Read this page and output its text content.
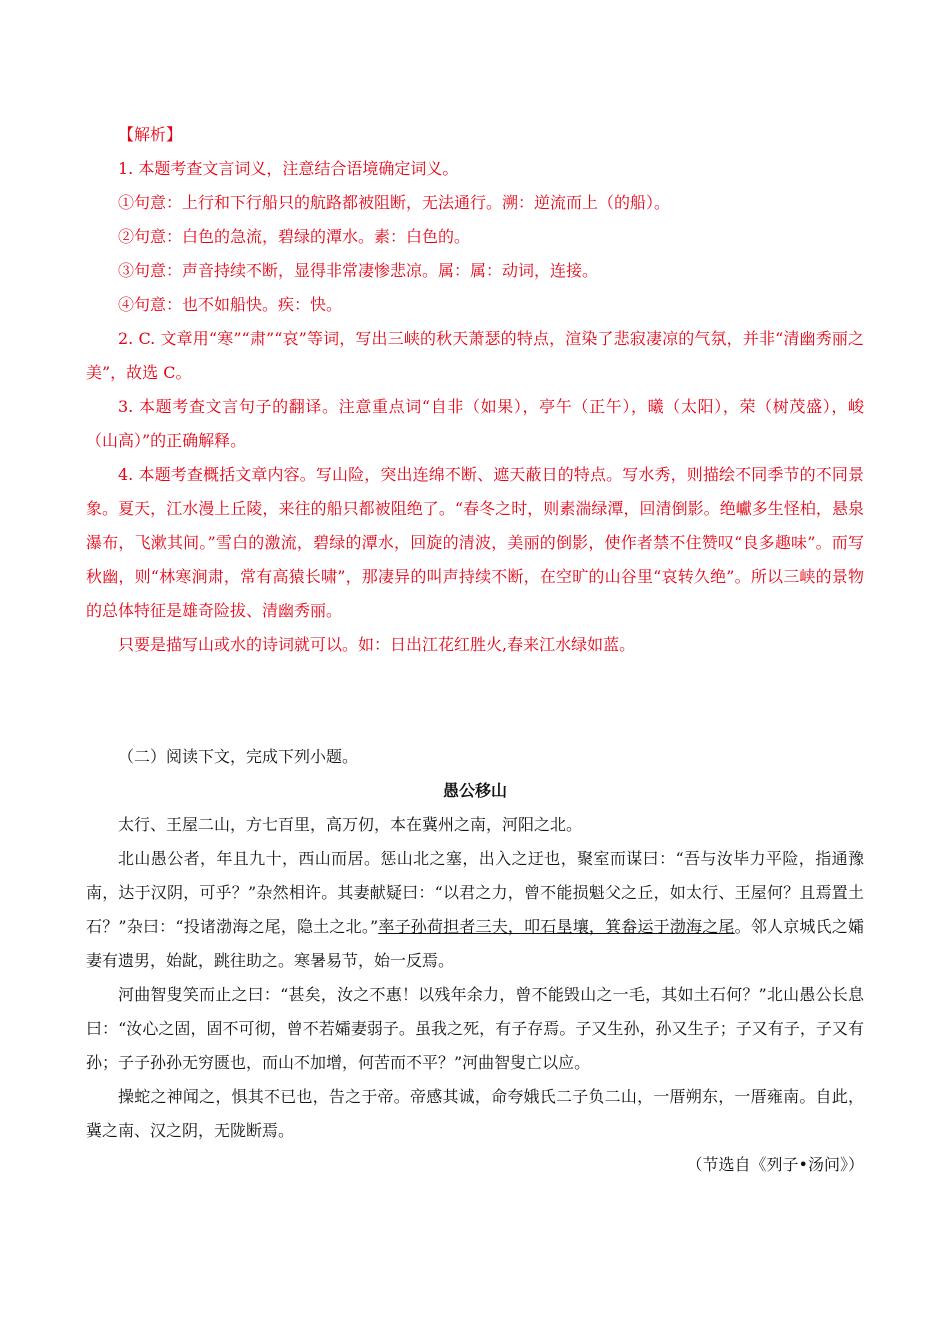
【解析】

1. 本题考查文言词义，注意结合语境确定词义。

①句意：上行和下行船只的航路都被阻断，无法通行。溯：逆流而上（的船）。

②句意：白色的急流，碧绿的潭水。素：白色的。

③句意：声音持续不断，显得非常凄惨悲凉。属：属：动词，连接。

④句意：也不如船快。疾：快。

2. C. 文章用“寒”“肃”“哀”等词，写出三峡的秋天萧瑟的特点，渲染了悲寂凄凉的气氛，并非“清幽秀丽之美”，故选 C。

3. 本题考查文言句子的翻译。注意重点词“自非（如果），亭午（正午），曦（太阳），荣（树茂盛），峻（山高）”的正确解释。

4. 本题考查概括文章内容。写山险，突出连绵不断、遮天蔽日的特点。写水秀，则描绘不同季节的不同景象。夏天，江水漫上丘陵，来往的船只都被阻绝了。“春冬之时，则素湍绿潭，回清倒影。绝巘多生怪柏，悬泉瀑布，飞漱其间。”雪白的激流，碧绿的潭水，回旋的清波，美丽的倒影，使作者禁不住赞叹“良多趣味”。而写秋幽，则“林寒涧肃，常有高猿长啸”，那凄异的叫声持续不断，在空旷的山谷里“哀转久绝”。所以三峡的景物的总体特征是雄奇险拔、清幽秀丽。

只要是描写山或水的诗词就可以。如：日出江花红胜火,春来江水绿如蓝。

（二）阅读下文，完成下列小题。

愚公移山

太行、王屋二山，方七百里，高万仞，本在冀州之南，河阳之北。

北山愚公者，年且九十，西山而居。惩山北之塞，出入之迂也，聚室而谋曰：“吾与汝毕力平险，指通豫南，达于汉阴，可乎？”杂然相许。其妻献疑曰：“以君之力，曾不能损魁父之丘，如太行、王屋何？且焉置土石？”杂曰：“投诸渤海之尾，隐土之北。”率子孙荷担者三夫，叩石垦壤，箕畚运于渤海之尾。邻人京城氏之孀妻有遗男，始龀，跳往助之。寒暑易节，始一反焉。

河曲智叟笑而止之曰：“甚矣，汝之不惠！以残年余力，曾不能毁山之一毛，其如土石何？”北山愚公长息曰：“汝心之固，固不可彻，曾不若孀妻弱子。虽我之死，有子存焉。子又生孙，孙又生子；子又有子，子又有孙；子子孙孙无穷匮也，而山不加增，何苦而不平？”河曲智叟亡以应。

操蛇之神闻之，惧其不已也，告之于帝。帝感其诚，命夸娥氏二子负二山，一厝朔东，一厝雍南。自此，冀之南、汉之阴，无陇断焉。

（节选自《列子•汤问》）
